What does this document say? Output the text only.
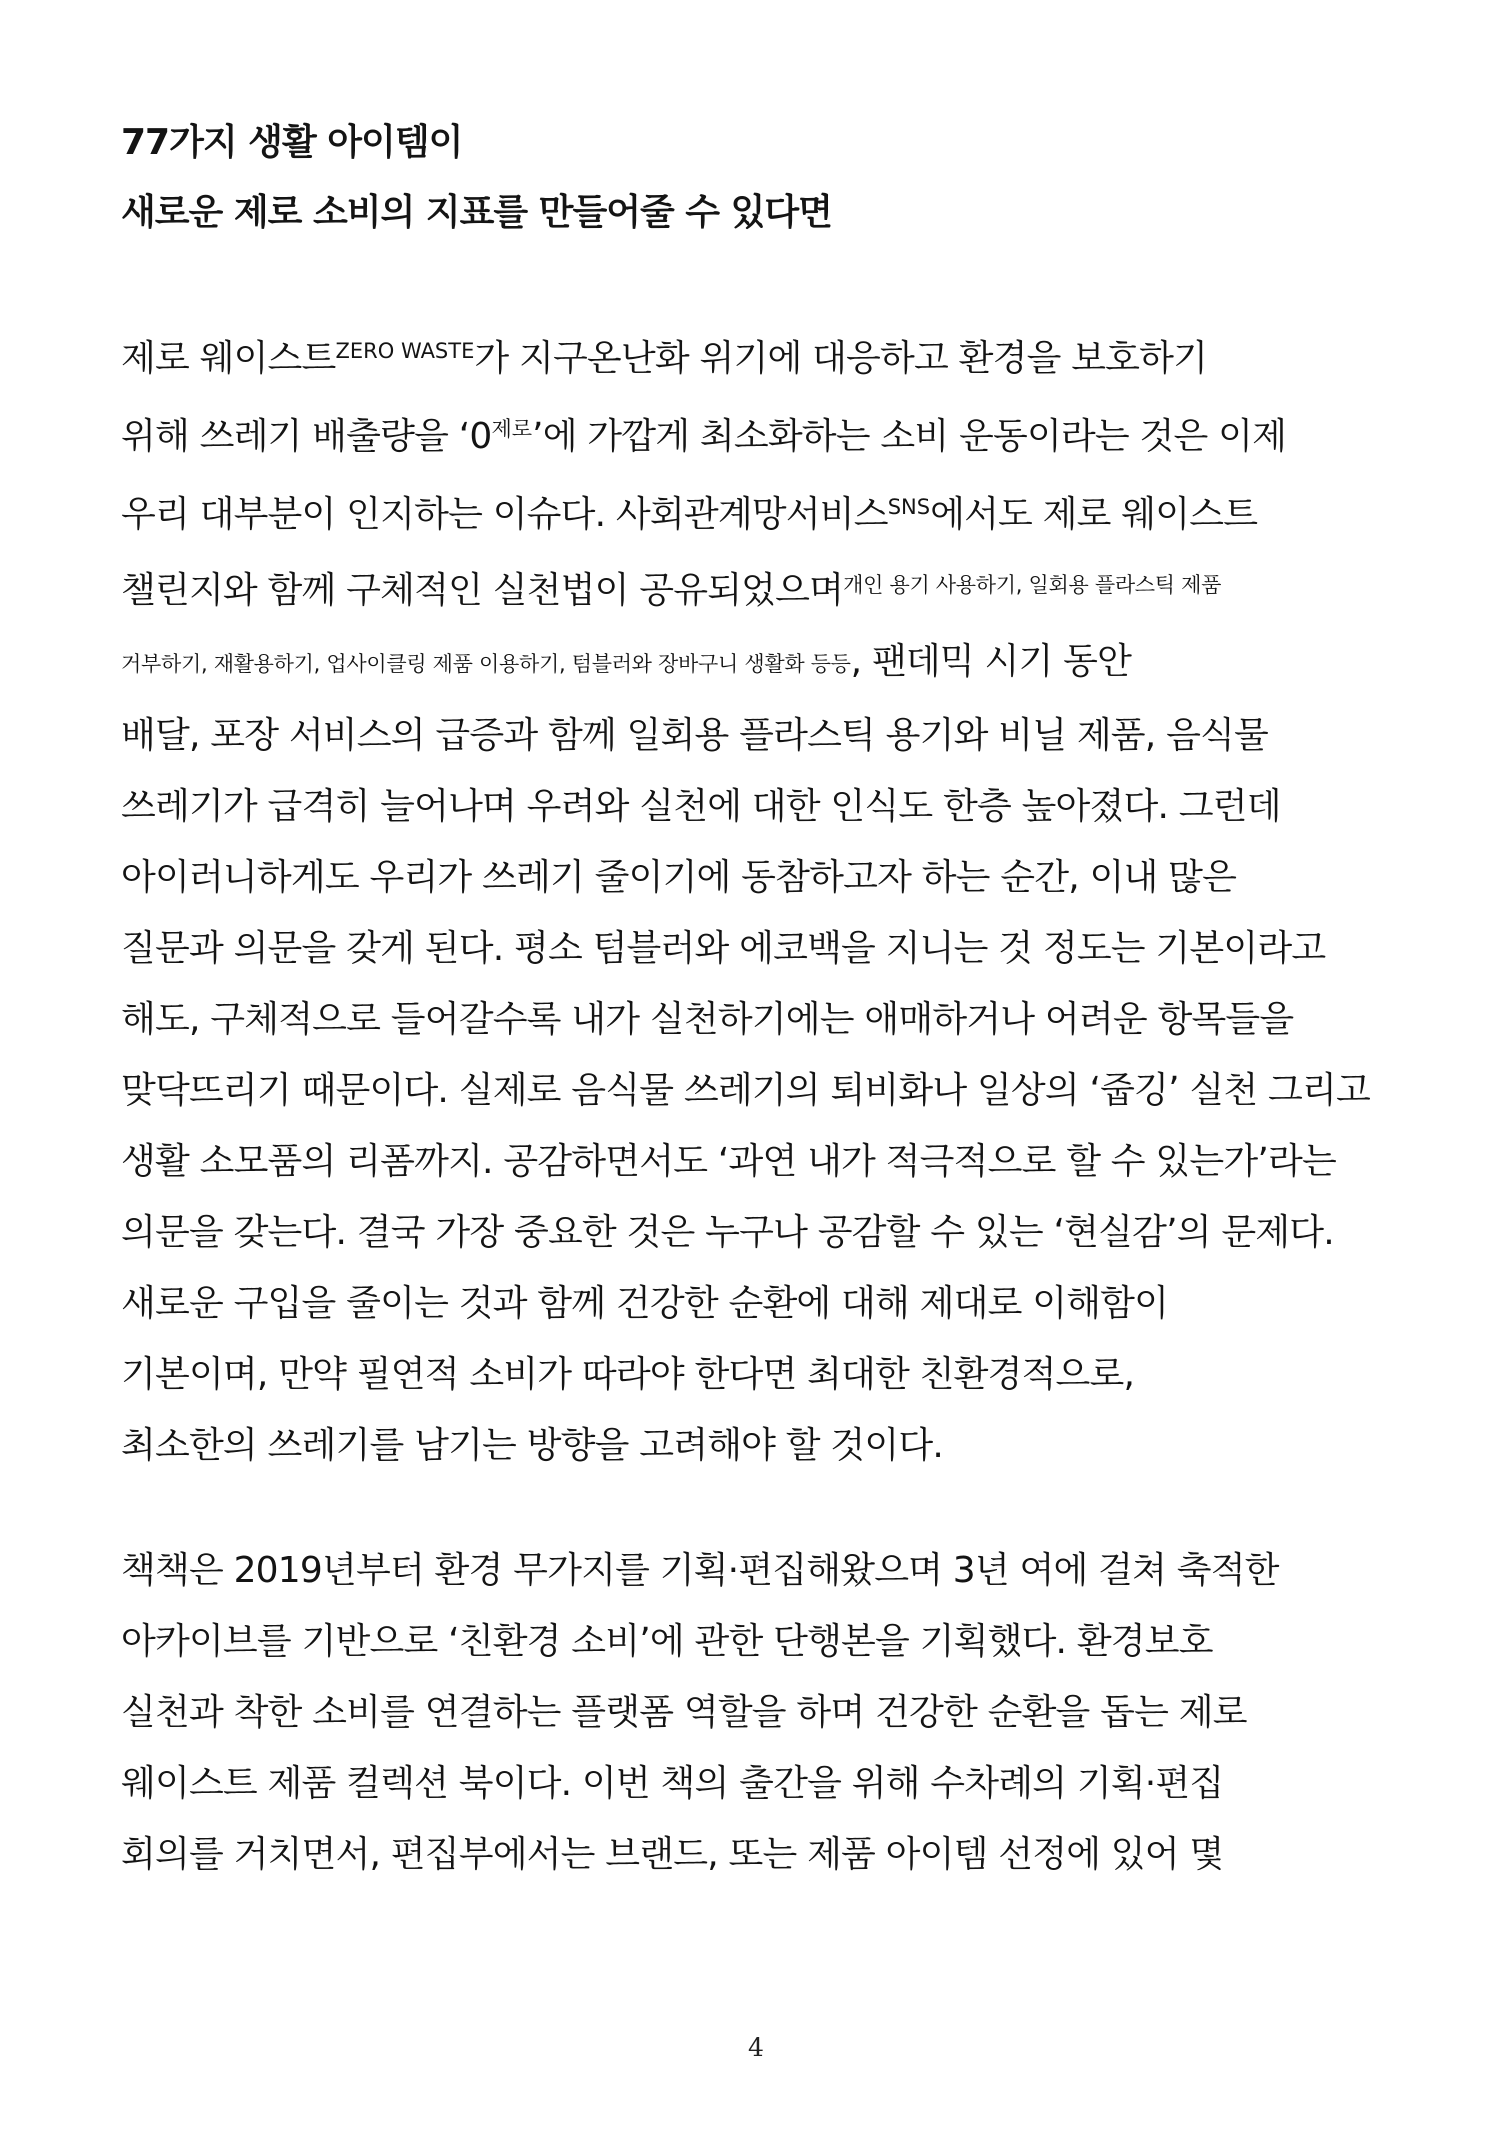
77가지 생활 아이템이
새로운 제로 소비의 지표를 만들어줄 수 있다면
제로 웨이스트$^{ZERO WASTE}$가 지구온난화 위기에 대응하고 환경을 보호하기
위해 쓰레기 배출량을 ‘$0^{제로}$’에 가깝게 최소화하는 소비 운동이라는 것은 이제
우리 대부분이 인지하는 이슈다. 사회관계망서비스$^{SNS}$에서도 제로 웨이스트
챌린지와 함께 구체적인 실천법이 공유되었으며$^{개인 용기 사용하기, 일회용 플라스틱 제품}$
거부하기, 재활용하기, 업사이클링 제품 이용하기, 텀블러와 장바구니 생활화 등등, 팬데믹 시기 동안
배달, 포장 서비스의 급증과 함께 일회용 플라스틱 용기와 비닐 제품, 음식물
쓰레기가 급격히 늘어나며 우려와 실천에 대한 인식도 한층 높아졌다. 그런데
아이러니하게도 우리가 쓰레기 줄이기에 동참하고자 하는 순간, 이내 많은
질문과 의문을 갖게 된다. 평소 텀블러와 에코백을 지니는 것 정도는 기본이라고
해도, 구체적으로 들어갈수록 내가 실천하기에는 애매하거나 어려운 항목들을
맞닥뜨리기 때문이다. 실제로 음식물 쓰레기의 퇴비화나 일상의 ‘줍깅’ 실천 그리고
생활 소모품의 리폼까지. 공감하면서도 ‘과연 내가 적극적으로 할 수 있는가’라는
의문을 갖는다. 결국 가장 중요한 것은 누구나 공감할 수 있는 ‘현실감’의 문제다.
새로운 구입을 줄이는 것과 함께 건강한 순환에 대해 제대로 이해함이
기본이며, 만약 필연적 소비가 따라야 한다면 최대한 친환경적으로,
최소한의 쓰레기를 남기는 방향을 고려해야 할 것이다.
책책은 2019년부터 환경 무가지를 기획·편집해왔으며 3년 여에 걸쳐 축적한
아카이브를 기반으로 ‘친환경 소비’에 관한 단행본을 기획했다. 환경보호
실천과 착한 소비를 연결하는 플랫폼 역할을 하며 건강한 순환을 돕는 제로
웨이스트 제품 컬렉션 북이다. 이번 책의 출간을 위해 수차례의 기획·편집
회의를 거치면서, 편집부에서는 브랜드, 또는 제품 아이템 선정에 있어 몇
4
